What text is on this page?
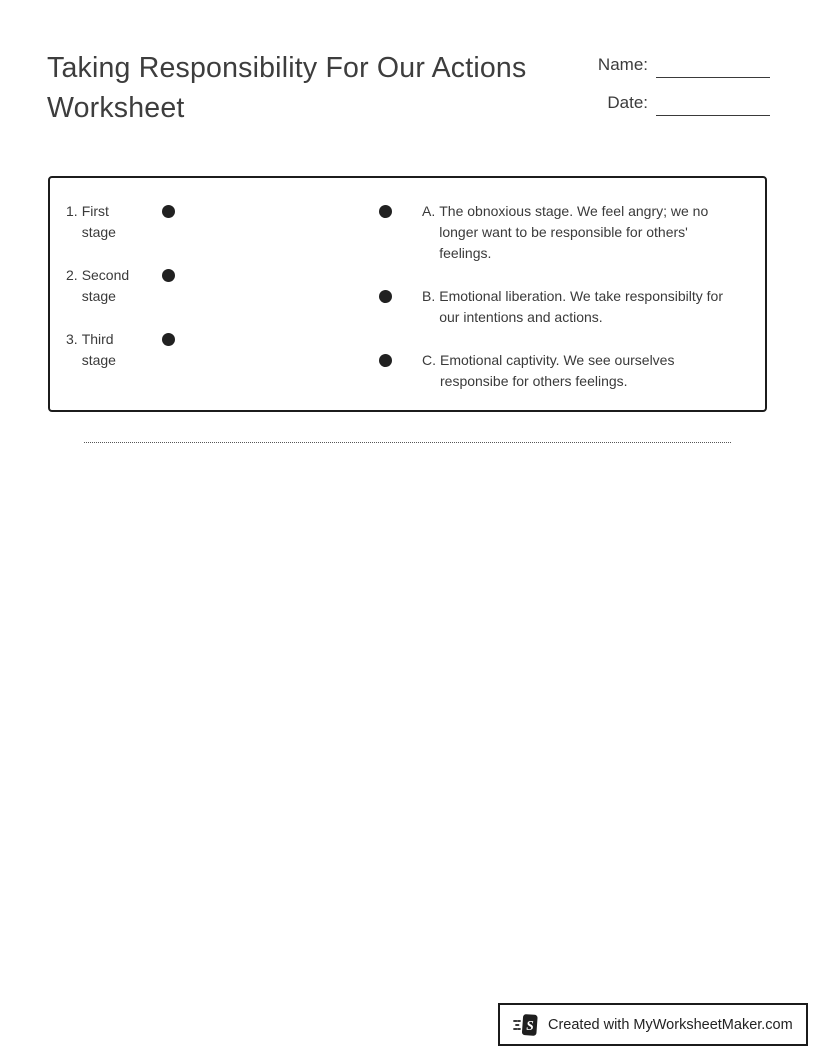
Taking Responsibility For Our Actions Worksheet
Name:
Date:
1. First stage
2. Second stage
3. Third stage
A. The obnoxious stage. We feel angry; we no longer want to be responsible for others' feelings.
B. Emotional liberation. We take responsibilty for our intentions and actions.
C. Emotional captivity. We see ourselves responsibe for others feelings.
S Created with MyWorksheetMaker.com
